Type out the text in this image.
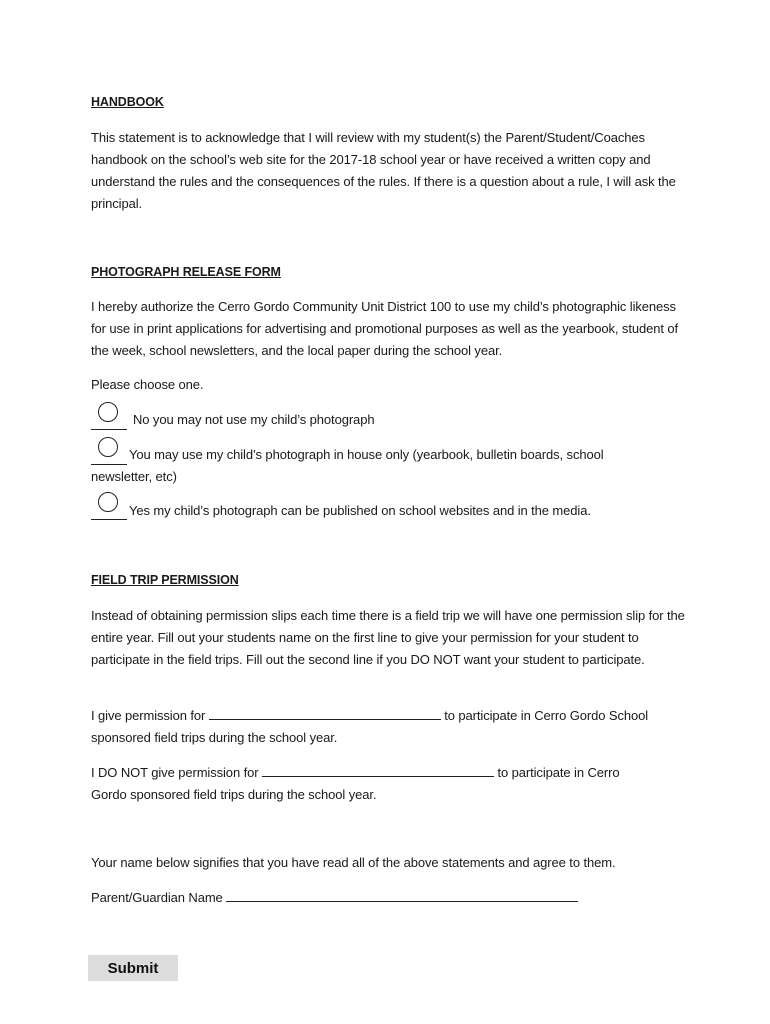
HANDBOOK
This statement is to acknowledge that I will review with my student(s) the Parent/Student/Coaches handbook on the school’s web site for the 2017-18 school year or have received a written copy and understand the rules and the consequences of the rules. If there is a question about a rule, I will ask the principal.
PHOTOGRAPH RELEASE FORM
I hereby authorize the Cerro Gordo Community Unit District 100 to use my child’s photographic likeness for use in print applications for advertising and promotional purposes as well as the yearbook, student of the week, school newsletters, and the local paper during the school year.
Please choose one.
No you may not use my child’s photograph
You may use my child’s photograph in house only (yearbook, bulletin boards, school
newsletter, etc)
Yes my child’s photograph can be published on school websites and in the media.
FIELD TRIP PERMISSION
Instead of obtaining permission slips each time there is a field trip we will have one permission slip for the entire year. Fill out your students name on the first line to give your permission for your student to participate in the field trips. Fill out the second line if you DO NOT want your student to participate.
I give permission for	to participate in Cerro Gordo School
sponsored field trips during the school year.
I DO NOT give permission for	to participate in Cerro
Gordo sponsored field trips during the school year.
Your name below signifies that you have read all of the above statements and agree to them.
Parent/Guardian Name
Submit
